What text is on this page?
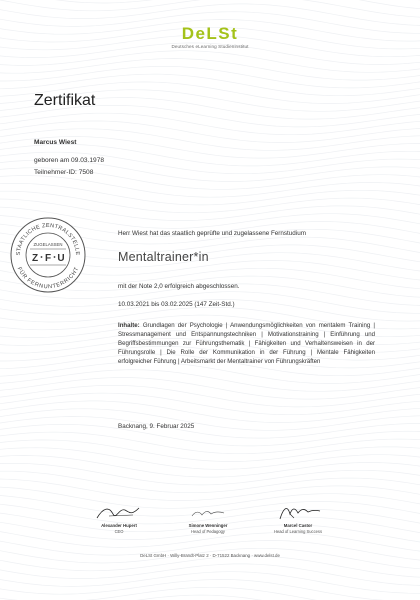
DeLSt
Deutsches eLearning Studieninstitut
Zertifikat
Marcus Wiest
geboren am 09.03.1978
Teilnehmer-ID: 7508
STAATLICHE ZENTRALSTELLE
FÜR FERNUNTERRICHT
ZUGELASSEN
Z F U
Herr Wiest hat das staatlich geprüfte und zugelassene Fernstudium
Mentaltrainer*in
mit der Note 2,0 erfolgreich abgeschlossen.
10.03.2021 bis 03.02.2025 (147 Zeit-Std.)
Inhalte: Grundlagen der Psychologie | Anwendungsmöglichkeiten von mentalem Training | Stressmanagement und Entspannungstechniken | Motivationstraining | Einführung und Begriffsbestimmungen zur Führungsthematik | Fähigkeiten und Verhaltensweisen in der Führungsrolle | Die Rolle der Kommunikation in der Führung | Mentale Fähigkeiten erfolgreicher Führung | Arbeitsmarkt der Mentaltrainer von Führungskräften
Backnang, 9. Februar 2025
Alexander Hupert
CEO
Simone Wenninger
Head of Pedagogy
Marcel Castor
Head of Learning Success
DeLSt GmbH · Willy-Brandt-Platz 2 · D-71522 Backnang · www.delst.de
